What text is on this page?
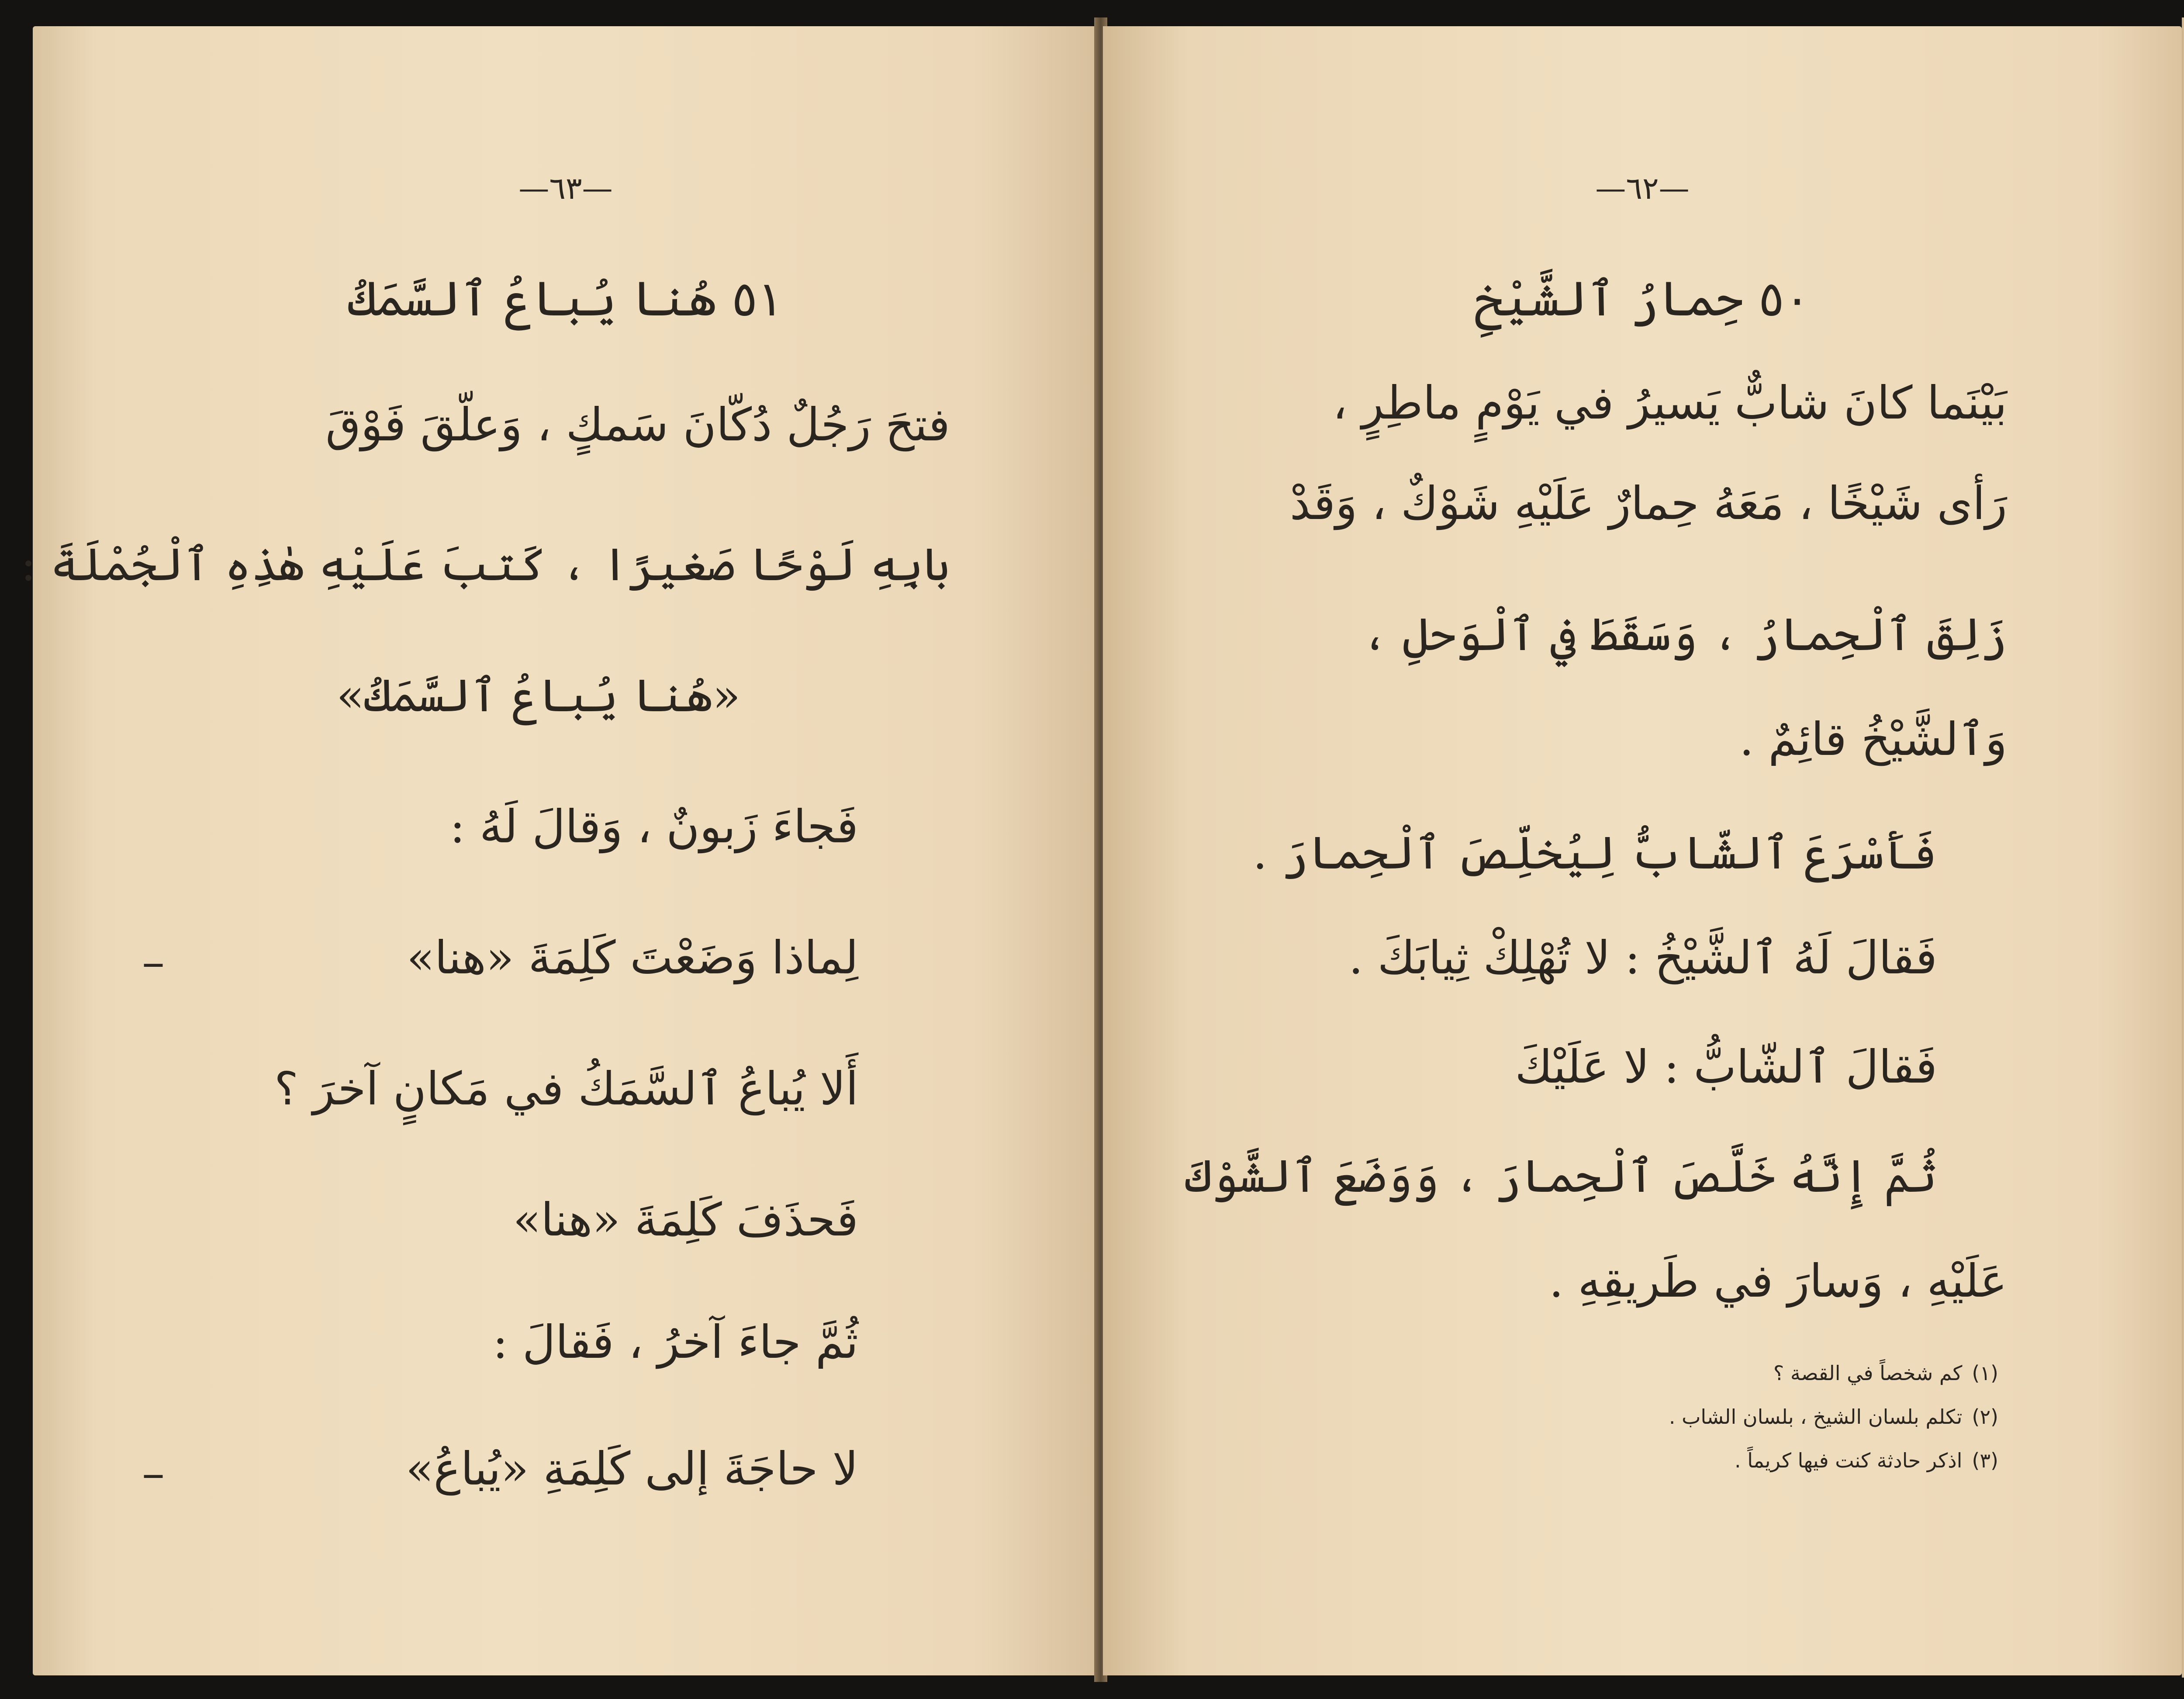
—٦٣—
٥١ هُنا يُباعُ ٱلسَّمَكُ
فتحَ رَجُلٌ دُكّانَ سَمكٍ ، وَعلّقَ فَوْقَ
بابِهِ لَوْحًا صَغيرًا ، كَتبَ عَلَيْهِ هٰذِهِ ٱلْجُمْلَةَ :
«هُنا يُباعُ ٱلسَّمَكُ»
فَجاءَ زَبونٌ ، وَقالَ لَهُ :
لِماذا وَضَعْتَ كَلِمَةَ «هنا»
–
أَلا يُباعُ ٱلسَّمَكُ في مَكانٍ آخرَ ؟
فَحذَفَ كَلِمَةَ «هنا»
ثُمَّ جاءَ آخرُ ، فَقالَ :
لا حاجَةَ إلى كَلِمَةِ «يُباعُ»
–
—٦٢—
٥٠ حِمارُ ٱلشَّيْخِ
بَيْنَما كانَ شابٌّ يَسيرُ في يَوْمٍ ماطِرٍ ،
رَأى شَيْخًا ، مَعَهُ حِمارٌ عَلَيْهِ شَوْكٌ ، وَقَدْ
زَلِقَ ٱلْحِمارُ ، وَسَقَطَ في ٱلْوَحلِ ،
وَٱلشَّيْخُ قائِمٌ .
فَأَسْرَعَ ٱلشّابُّ لِيُخلِّصَ ٱلْحِمارَ .
فَقالَ لَهُ ٱلشَّيْخُ : لا تُهْلِكْ ثِيابَكَ .
فَقالَ ٱلشّابُّ : لا عَلَيْكَ
ثُمَّ إِنَّهُ خَلَّصَ ٱلْحِمارَ ، وَوَضَعَ ٱلشَّوْكَ
عَلَيْهِ ، وَسارَ في طَريقِهِ .
(١)كم شخصاً في القصة ؟
(٢)تكلم بلسان الشيخ ، بلسان الشاب .
(٣)اذكر حادثة كنت فيها كريماً .
